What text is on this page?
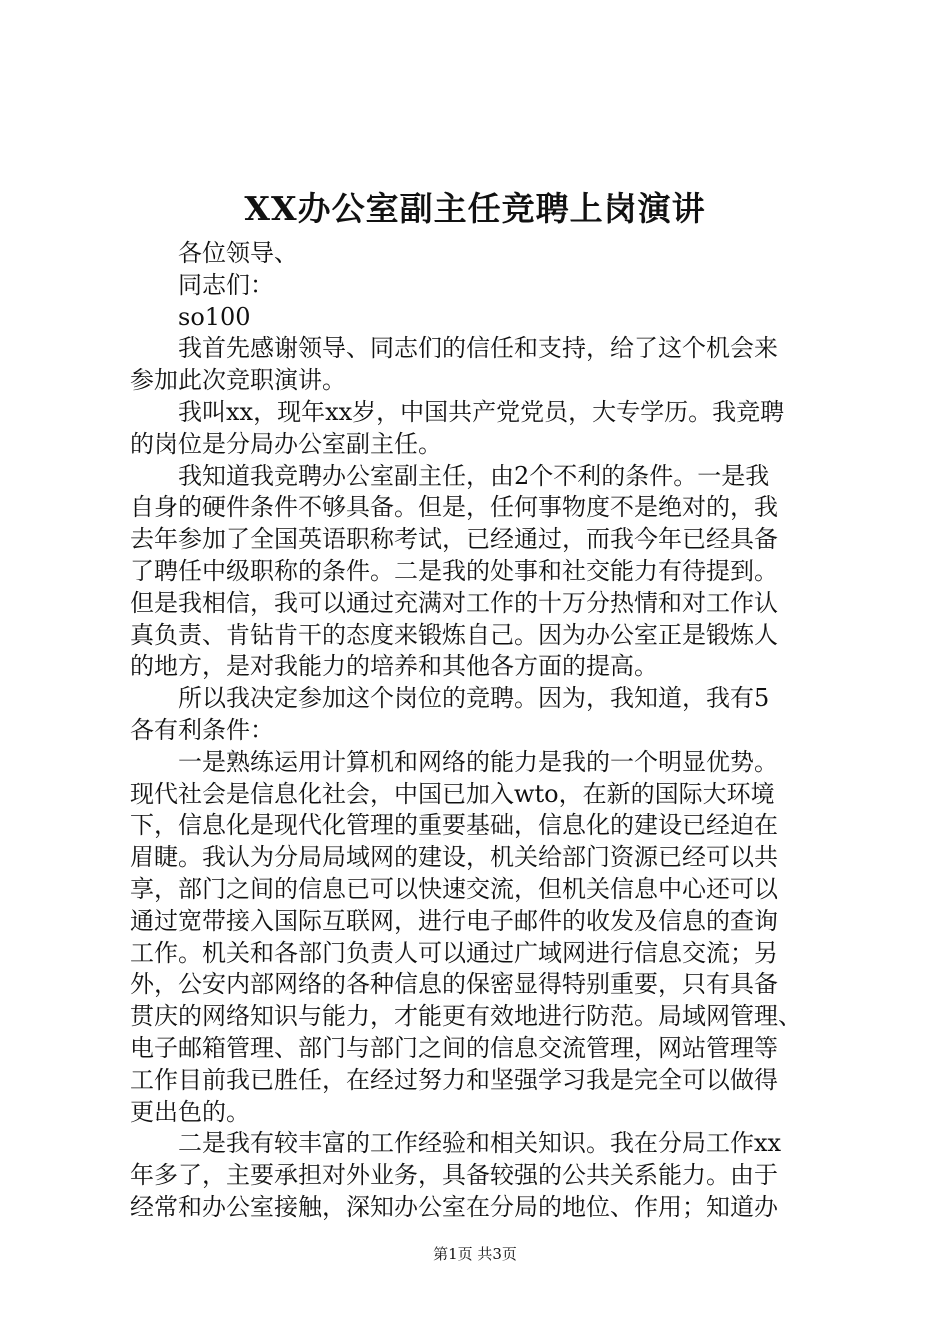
XX办公室副主任竞聘上岗演讲
　　各位领导、
　　同志们：
　　so100
　　我首先感谢领导、同志们的信任和支持，给了这个机会来
参加此次竞职演讲。
　　我叫xx，现年xx岁，中国共产党党员，大专学历。我竞聘
的岗位是分局办公室副主任。
　　我知道我竞聘办公室副主任，由2个不利的条件。一是我
自身的硬件条件不够具备。但是，任何事物度不是绝对的，我
去年参加了全国英语职称考试，已经通过，而我今年已经具备
了聘任中级职称的条件。二是我的处事和社交能力有待提到。
但是我相信，我可以通过充满对工作的十万分热情和对工作认
真负责、肯钻肯干的态度来锻炼自己。因为办公室正是锻炼人
的地方，是对我能力的培养和其他各方面的提高。
　　所以我决定参加这个岗位的竞聘。因为，我知道，我有5
各有利条件：
　　一是熟练运用计算机和网络的能力是我的一个明显优势。
现代社会是信息化社会，中国已加入wto，在新的国际大环境
下，信息化是现代化管理的重要基础，信息化的建设已经迫在
眉睫。我认为分局局域网的建设，机关给部门资源已经可以共
享，部门之间的信息已可以快速交流，但机关信息中心还可以
通过宽带接入国际互联网，进行电子邮件的收发及信息的查询
工作。机关和各部门负责人可以通过广域网进行信息交流；另
外，公安内部网络的各种信息的保密显得特别重要，只有具备
贯庆的网络知识与能力，才能更有效地进行防范。局域网管理、
电子邮箱管理、部门与部门之间的信息交流管理，网站管理等
工作目前我已胜任，在经过努力和坚强学习我是完全可以做得
更出色的。
　　二是我有较丰富的工作经验和相关知识。我在分局工作xx
年多了，主要承担对外业务，具备较强的公共关系能力。由于
经常和办公室接触，深知办公室在分局的地位、作用；知道办
第1页 共3页
